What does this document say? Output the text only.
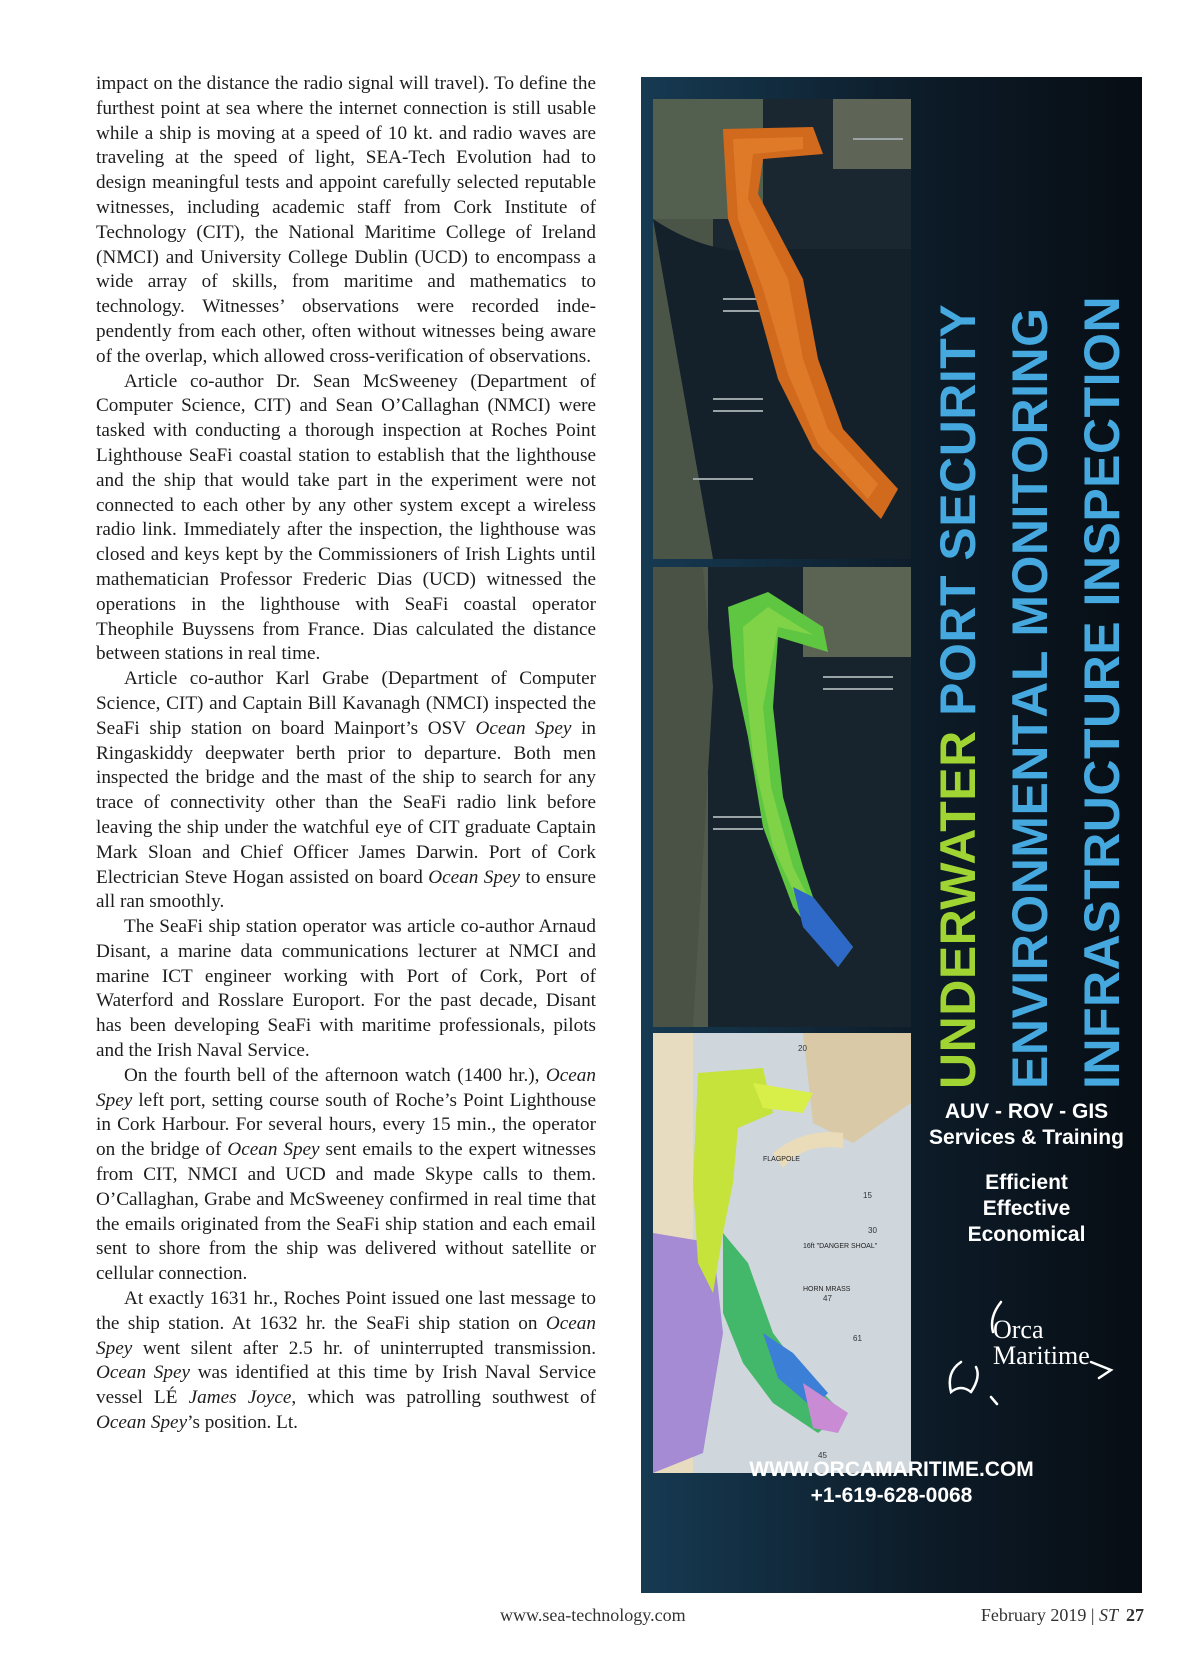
impact on the distance the radio signal will travel). To define the furthest point at sea where the internet connection is still usable while a ship is moving at a speed of 10 kt. and radio waves are traveling at the speed of light, SEA-Tech Evolution had to design meaningful tests and appoint carefully selected reputable witnesses, including academic staff from Cork Institute of Technology (CIT), the National Maritime College of Ireland (NMCI) and University College Dublin (UCD) to encompass a wide array of skills, from maritime and mathematics to technology. Witnesses’ observations were recorded independently from each other, often without witnesses being aware of the overlap, which allowed cross-verification of observations.

Article co-author Dr. Sean McSweeney (Department of Computer Science, CIT) and Sean O’Callaghan (NMCI) were tasked with conducting a thorough inspection at Roches Point Lighthouse SeaFi coastal station to establish that the lighthouse and the ship that would take part in the experiment were not connected to each other by any other system except a wireless radio link. Immediately after the inspection, the lighthouse was closed and keys kept by the Commissioners of Irish Lights until mathematician Professor Frederic Dias (UCD) witnessed the operations in the lighthouse with SeaFi coastal operator Theophile Buyssens from France. Dias calculated the distance between stations in real time.

Article co-author Karl Grabe (Department of Computer Science, CIT) and Captain Bill Kavanagh (NMCI) inspected the SeaFi ship station on board Mainport’s OSV Ocean Spey in Ringaskiddy deepwater berth prior to departure. Both men inspected the bridge and the mast of the ship to search for any trace of connectivity other than the SeaFi radio link before leaving the ship under the watchful eye of CIT graduate Captain Mark Sloan and Chief Officer James Darwin. Port of Cork Electrician Steve Hogan assisted on board Ocean Spey to ensure all ran smoothly.

The SeaFi ship station operator was article co-author Arnaud Disant, a marine data communications lecturer at NMCI and marine ICT engineer working with Port of Cork, Port of Waterford and Rosslare Europort. For the past decade, Disant has been developing SeaFi with maritime professionals, pilots and the Irish Naval Service.

On the fourth bell of the afternoon watch (1400 hr.), Ocean Spey left port, setting course south of Roche’s Point Lighthouse in Cork Harbour. For several hours, every 15 min., the operator on the bridge of Ocean Spey sent emails to the expert witnesses from CIT, NMCI and UCD and made Skype calls to them. O’Callaghan, Grabe and McSweeney confirmed in real time that the emails originated from the SeaFi ship station and each email sent to shore from the ship was delivered without satellite or cellular connection.

At exactly 1631 hr., Roches Point issued one last message to the ship station. At 1632 hr. the SeaFi ship station on Ocean Spey went silent after 2.5 hr. of uninterrupted transmission. Ocean Spey was identified at this time by Irish Naval Service vessel LÉ James Joyce, which was patrolling southwest of Ocean Spey’s position. Lt.

20
15
30
47
61
45
FLAGPOLE
16ft "DANGER SHOAL"
HORN MRASS
UNDERWATER PORT SECURITY ENVIRONMENTAL MONITORING INFRASTRUCTURE INSPECTION
AUV - ROV - GIS
Services & Training
Efficient
Effective
Economical
Orca
Maritime
WWW.ORCAMARITIME.COM
+1-619-628-0068
www.sea-technology.com	February 2019 | ST 27
